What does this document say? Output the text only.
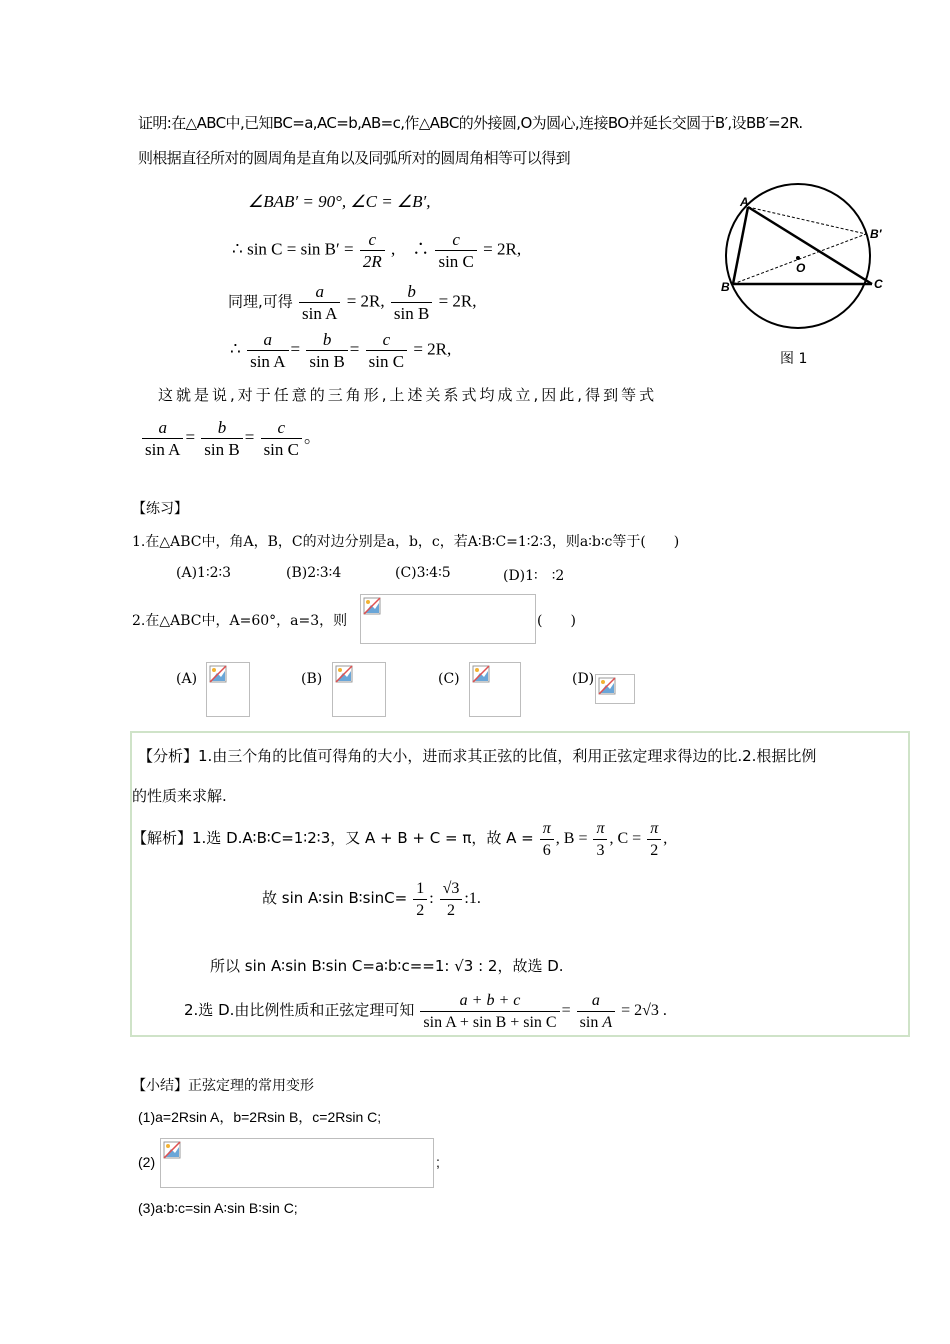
证明:在△ABC中,已知BC=a,AC=b,AB=c,作△ABC的外接圆,O为圆心,连接BO并延长交圆于B′,设BB′=2R.
则根据直径所对的圆周角是直角以及同弧所对的圆周角相等可以得到
∠BAB′ = 90°, ∠C = ∠B′,
∴ $\sin C = \sin B' = \frac{c}{2R}$ ,　∴ $\frac{c}{\text{sin C}} = 2R$,
同理,可得 $\frac{a}{\text{sin A}} = 2R$, $\frac{b}{\text{sin B}} = 2R$,
∴ $\frac{a}{\text{sin A}} = \frac{b}{\text{sin B}} = \frac{c}{\text{sin C}} = 2R$,
这就是说,对于任意的三角形,上述关系式均成立,因此,得到等式
$\frac{a}{\text{sin A}} = \frac{b}{\text{sin B}} = \frac{c}{\text{sin C}}$ 。
A
B	C
B′
O
图 1
【练习】
1.在△ABC中，角A，B，C的对边分别是a，b，c，若A∶B∶C=1∶2∶3，则a∶b∶c等于(　　)
(A)1∶2∶3	(B)2∶3∶4	(C)3∶4∶5	(D)1∶　∶2
2.在△ABC中，A=60°，a=3，则	(　　)
(A)	(B)	(C)	(D)
【分析】1.由三个角的比值可得角的大小，进而求其正弦的比值，利用正弦定理求得边的比.2.根据比例
的性质来求解.
【解析】1.选 D.A∶B∶C=1∶2∶3，又 A + B + C = π，故 $A = \frac{\pi}{6}$ , $B = \frac{\pi}{3}$ , $C = \frac{\pi}{2}$ ,
故 sin A∶sin B∶sinC= $\frac{1}{2}$ : $\frac{√3}{2}$ :1.
所以 sin A∶sin B∶sin C=a∶b∶c==1: √3 : 2，故选 D.
2.选 D.由比例性质和正弦定理可知 $\frac{a + b + c}{\text{sin A + sin B + sin C}} = \frac{a}{\text{sin A}} = 2√3$ .
【小结】正弦定理的常用变形
(1)a=2Rsin A，b=2Rsin B，c=2Rsin C;
(2)	;
(3)a∶b∶c=sin A∶sin B∶sin C;
